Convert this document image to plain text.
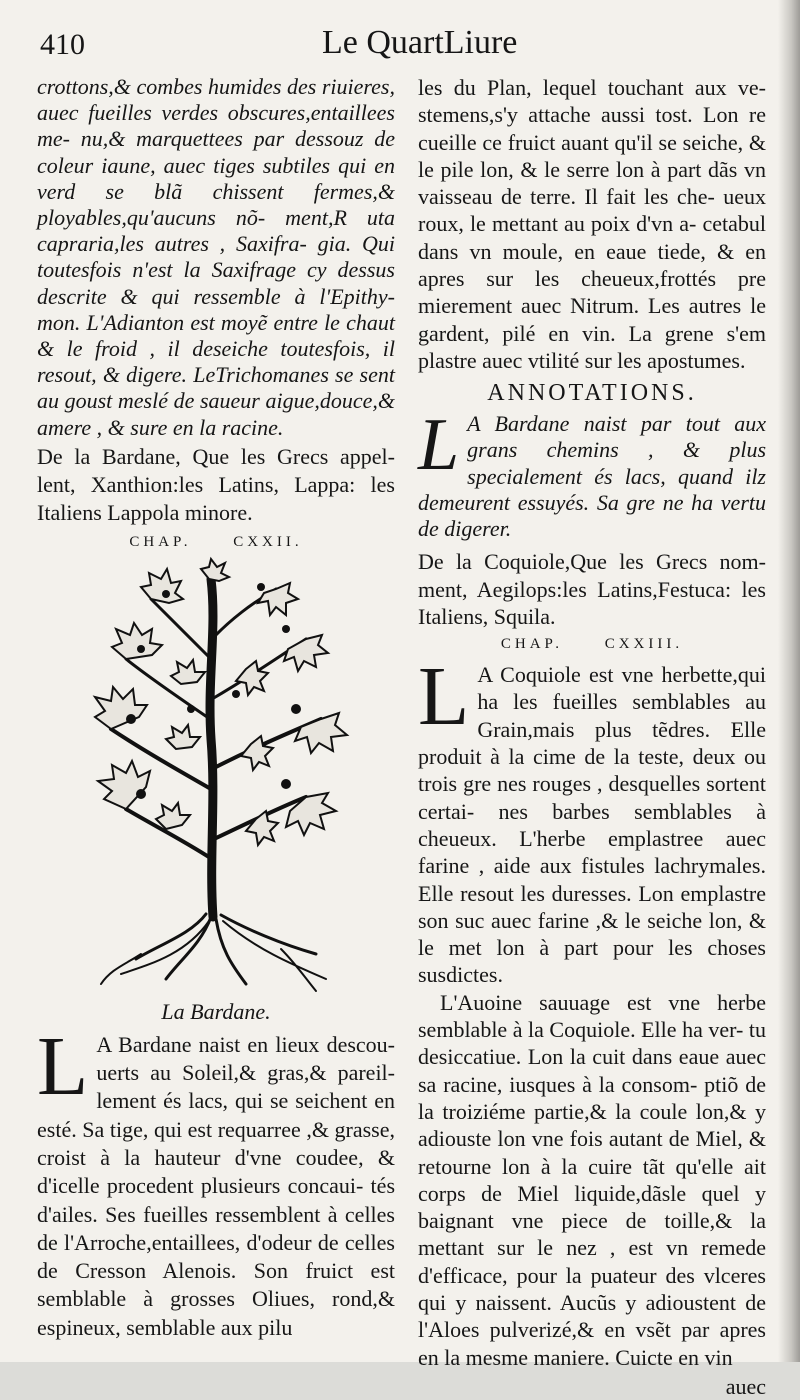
410	Le QuartLiure

crottons,& combes humides des riuieres, auec fueilles verdes obscures,entaillees me- nu,& marquettees par dessouz de coleur iaune, auec tiges subtiles qui en verd se blã chissent fermes,& ployables,qu'aucuns nõ- ment,R uta capraria,les autres , Saxifra- gia. Qui toutesfois n'est la Saxifrage cy dessus descrite & qui ressemble à l'Epithy- mon. L'Adianton est moyẽ entre le chaut & le froid , il deseiche toutesfois, il resout, & digere. LeTrichomanes se sent au goust meslé de saueur aigue,douce,& amere , & sure en la racine.

De la Bardane, Que les Grecs appel- lent, Xanthion:les Latins, Lappa: les Italiens Lappola minore.

CHAP. CXXII.

La Bardane.

L A Bardane naist en lieux descou- uerts au Soleil,& gras,& pareil- lement és lacs, qui se seichent en esté. Sa tige, qui est requarree ,& grasse, croist à la hauteur d'vne coudee, & d'icelle procedent plusieurs concaui- tés d'ailes. Ses fueilles ressemblent à celles de l'Arroche,entaillees, d'odeur de celles de Cresson Alenois. Son fruict est semblable à grosses Oliues, rond,& espineux, semblable aux pilu

les du Plan, lequel touchant aux ve- stemens,s'y attache aussi tost. Lon re cueille ce fruict auant qu'il se seiche, & le pile lon, & le serre lon à part dãs vn vaisseau de terre. Il fait les che- ueux roux, le mettant au poix d'vn a- cetabul dans vn moule, en eaue tiede, & en apres sur les cheueux,frottés pre mierement auec Nitrum. Les autres le gardent, pilé en vin. La grene s'em plastre auec vtilité sur les apostumes.

ANNOTATIONS.

L A Bardane naist par tout aux grans chemins , & plus specialement és lacs, quand ilz demeurent essuyés. Sa gre ne ha vertu de digerer.

De la Coquiole,Que les Grecs nom- ment, Aegilops:les Latins,Festuca: les Italiens, Squila.

CHAP. CXXIII.

L A Coquiole est vne herbette,qui ha les fueilles semblables au Grain,mais plus tẽdres. Elle produit à la cime de la teste, deux ou trois gre nes rouges , desquelles sortent certai- nes barbes semblables à cheueux. L'herbe emplastree auec farine , aide aux fistules lachrymales. Elle resout les duresses. Lon emplastre son suc auec farine ,& le seiche lon, & le met lon à part pour les choses susdictes.

L'Auoine sauuage est vne herbe semblable à la Coquiole. Elle ha ver- tu desiccatiue. Lon la cuit dans eaue auec sa racine, iusques à la consom- ptiõ de la troiziéme partie,& la coule lon,& y adiouste lon vne fois autant de Miel, & retourne lon à la cuire tãt qu'elle ait corps de Miel liquide,dãsle quel y baignant vne piece de toille,& la mettant sur le nez , est vn remede d'efficace, pour la puateur des vlceres qui y naissent. Aucũs y adioustent de l'Aloes pulverizé,& en vsẽt par apres en la mesme maniere. Cuicte en vin

auec
